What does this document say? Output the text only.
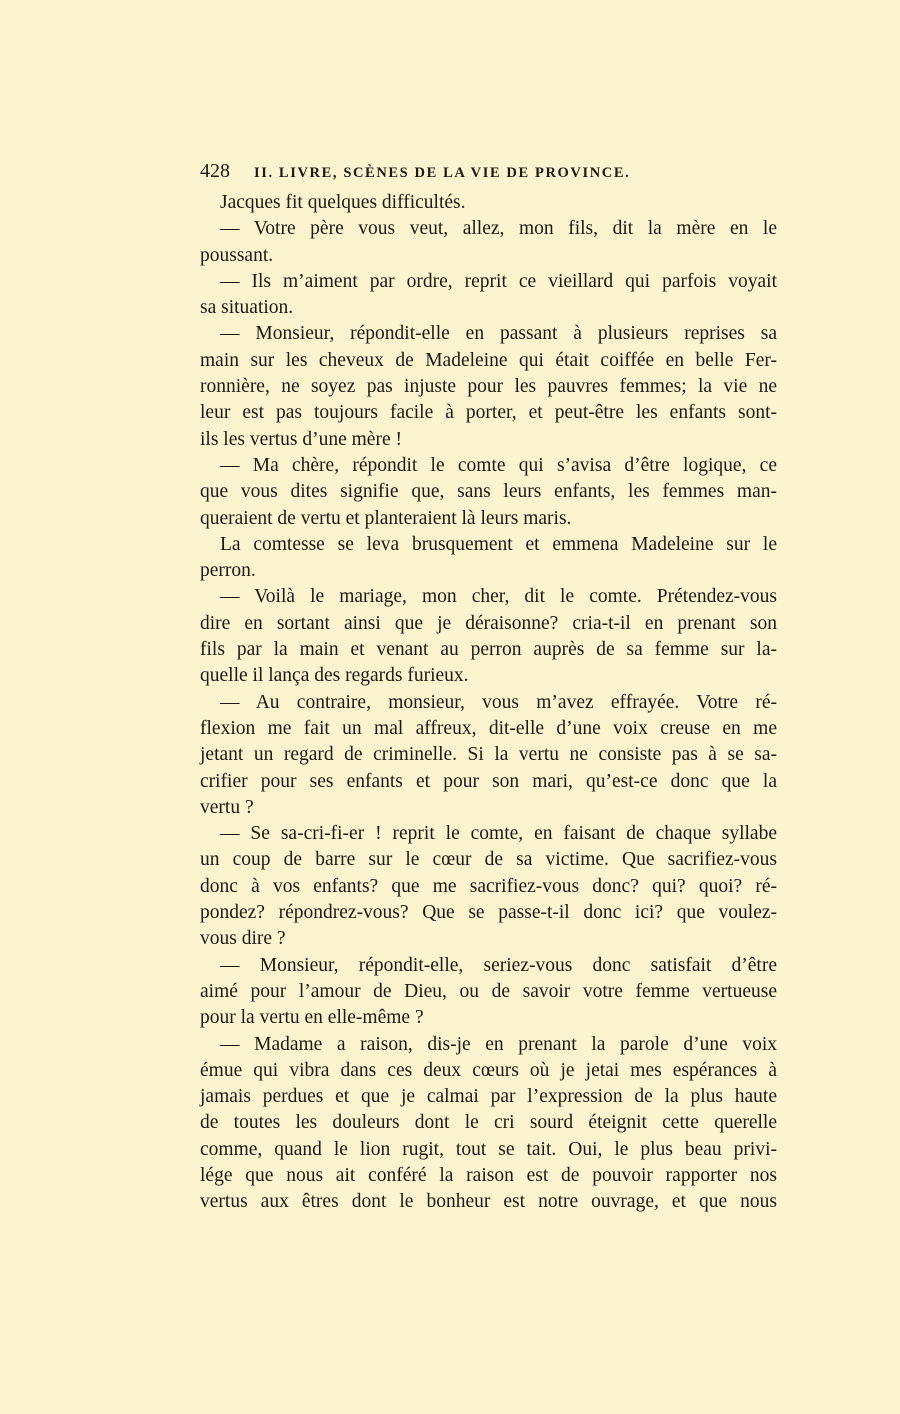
428 II. LIVRE, SCÈNES DE LA VIE DE PROVINCE.
Jacques fit quelques difficultés.
— Votre père vous veut, allez, mon fils, dit la mère en le
poussant.
— Ils m’aiment par ordre, reprit ce vieillard qui parfois voyait
sa situation.
— Monsieur, répondit-elle en passant à plusieurs reprises sa
main sur les cheveux de Madeleine qui était coiffée en belle Fer-
ronnière, ne soyez pas injuste pour les pauvres femmes; la vie ne
leur est pas toujours facile à porter, et peut-être les enfants sont-
ils les vertus d’une mère !
— Ma chère, répondit le comte qui s’avisa d’être logique, ce
que vous dites signifie que, sans leurs enfants, les femmes man-
queraient de vertu et planteraient là leurs maris.
La comtesse se leva brusquement et emmena Madeleine sur le
perron.
— Voilà le mariage, mon cher, dit le comte. Prétendez-vous
dire en sortant ainsi que je déraisonne? cria-t-il en prenant son
fils par la main et venant au perron auprès de sa femme sur la-
quelle il lança des regards furieux.
— Au contraire, monsieur, vous m’avez effrayée. Votre ré-
flexion me fait un mal affreux, dit-elle d’une voix creuse en me
jetant un regard de criminelle. Si la vertu ne consiste pas à se sa-
crifier pour ses enfants et pour son mari, qu’est-ce donc que la
vertu ?
— Se sa-cri-fi-er ! reprit le comte, en faisant de chaque syllabe
un coup de barre sur le cœur de sa victime. Que sacrifiez-vous
donc à vos enfants? que me sacrifiez-vous donc? qui? quoi? ré-
pondez? répondrez-vous? Que se passe-t-il donc ici? que voulez-
vous dire ?
— Monsieur, répondit-elle, seriez-vous donc satisfait d’être
aimé pour l’amour de Dieu, ou de savoir votre femme vertueuse
pour la vertu en elle-même ?
— Madame a raison, dis-je en prenant la parole d’une voix
émue qui vibra dans ces deux cœurs où je jetai mes espérances à
jamais perdues et que je calmai par l’expression de la plus haute
de toutes les douleurs dont le cri sourd éteignit cette querelle
comme, quand le lion rugit, tout se tait. Oui, le plus beau privi-
lége que nous ait conféré la raison est de pouvoir rapporter nos
vertus aux êtres dont le bonheur est notre ouvrage, et que nous
